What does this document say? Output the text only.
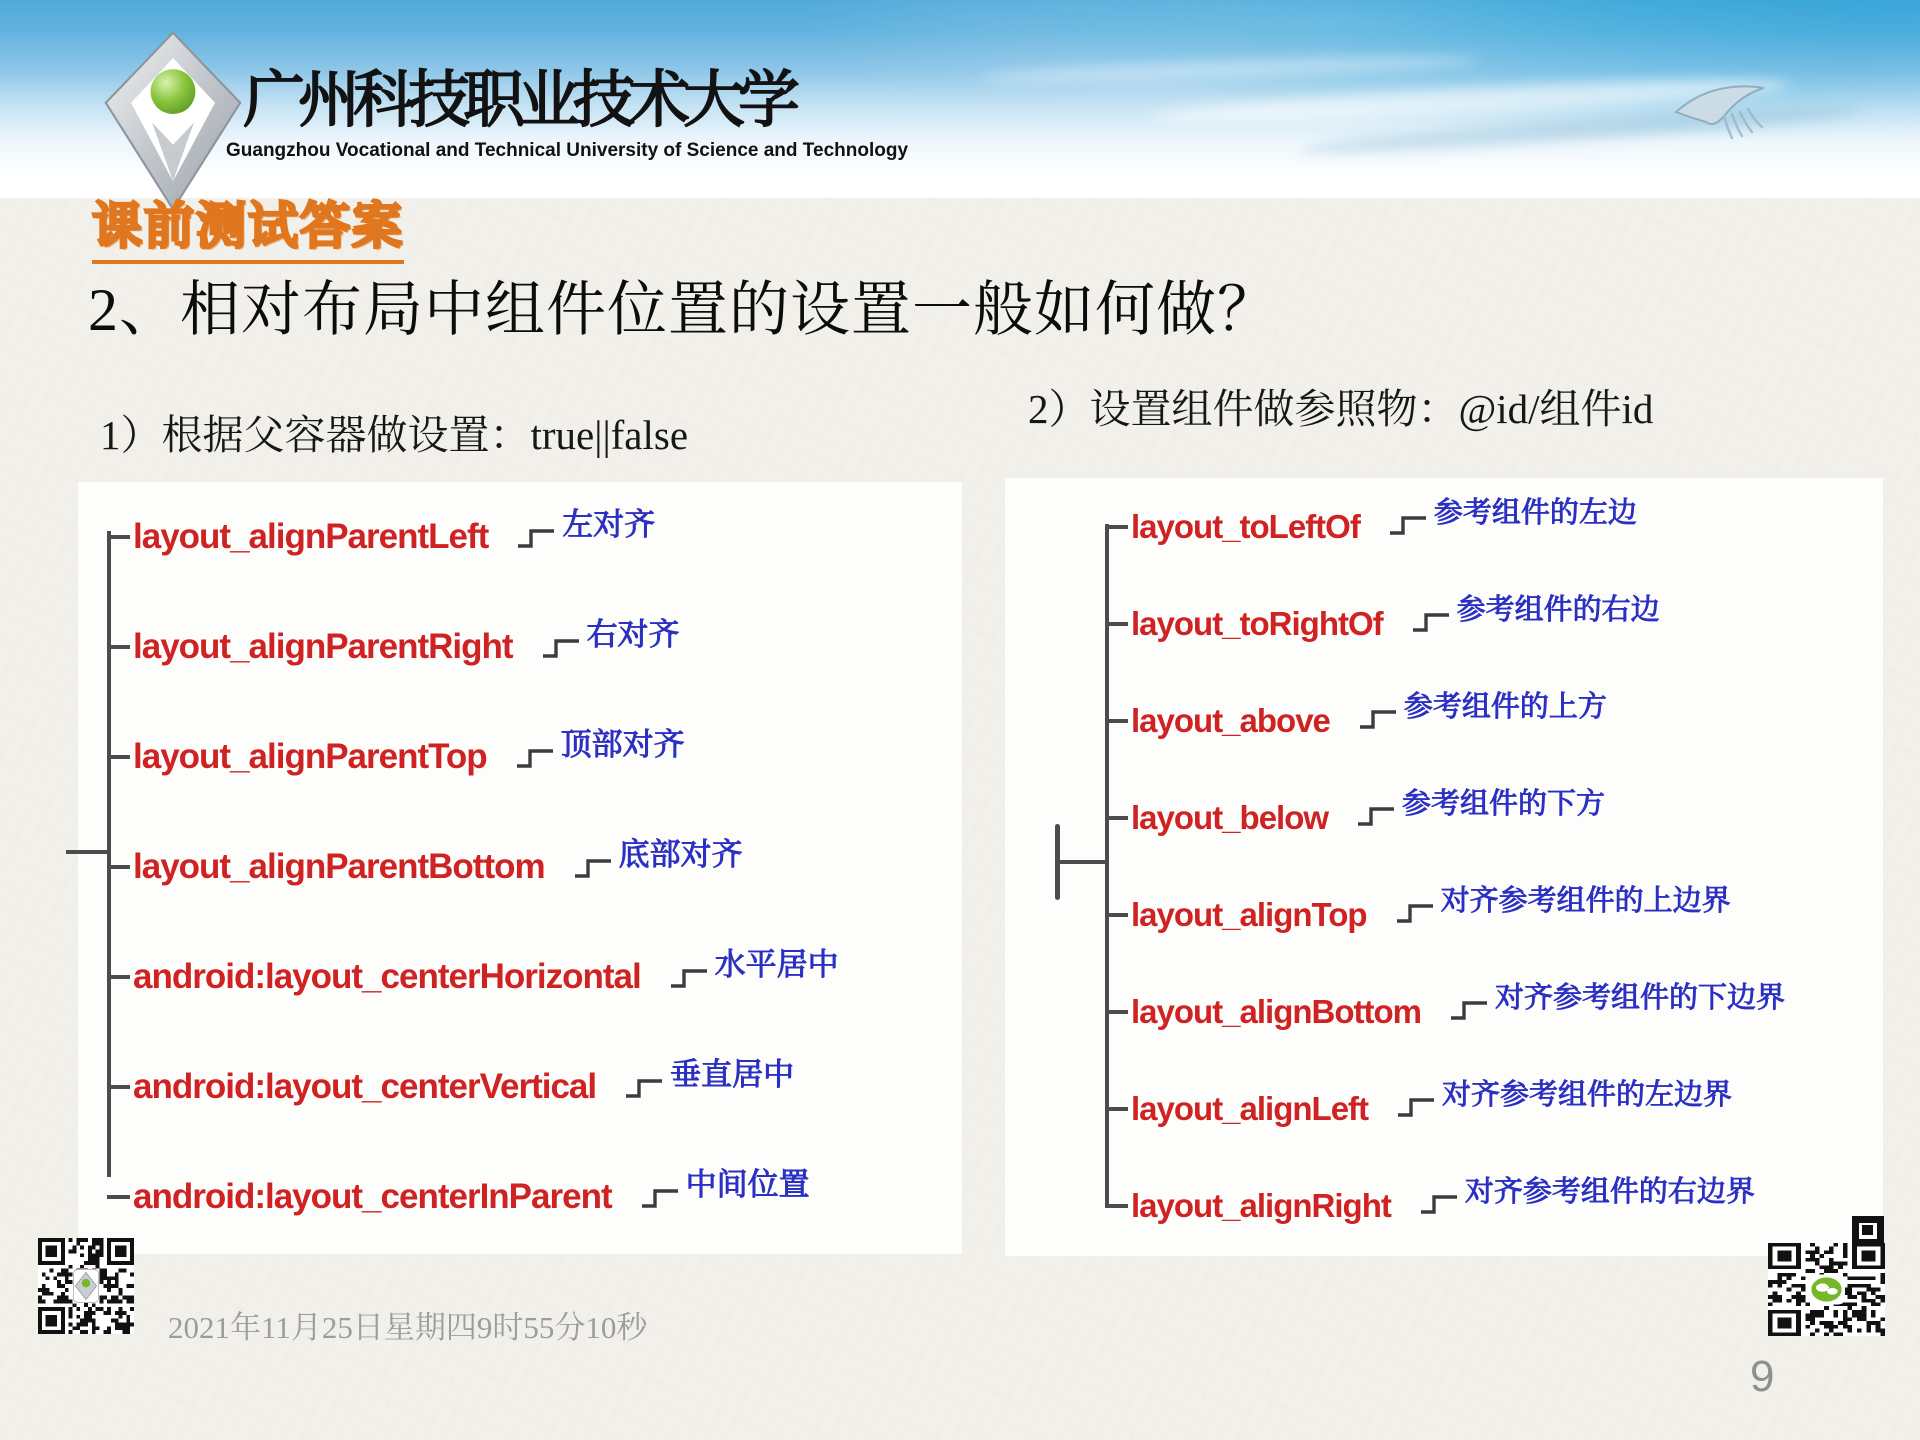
广州科技职业技术大学
Guangzhou Vocational and Technical University of Science and Technology
课前测试答案
2、相对布局中组件位置的设置一般如何做？
1）根据父容器做设置：true||false
2）设置组件做参照物：@id/组件id
layout_alignParentLeft 左对齐
layout_alignParentRight 右对齐
layout_alignParentTop 顶部对齐
layout_alignParentBottom 底部对齐
android:layout_centerHorizontal 水平居中
android:layout_centerVertical 垂直居中
android:layout_centerInParent 中间位置
layout_toLeftOf	参考组件的左边
layout_toRightOf	参考组件的右边
layout_above	参考组件的上方
layout_below	参考组件的下方
layout_alignTop	对齐参考组件的上边界
layout_alignBottom	对齐参考组件的下边界
layout_alignLeft	对齐参考组件的左边界
layout_alignRight	对齐参考组件的右边界
2021年11月25日星期四9时55分10秒
9
